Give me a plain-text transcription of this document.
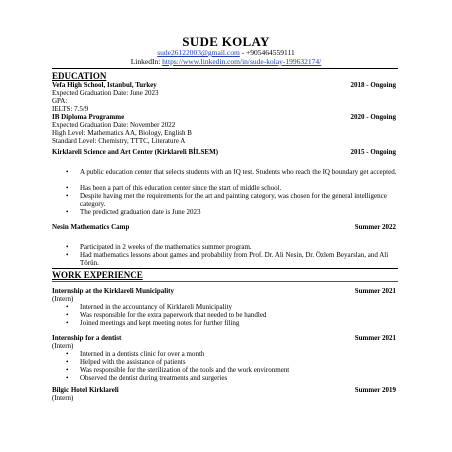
SUDE KOLAY
sude26122003@gmail.com - +905464559111
LinkedIn: https://www.linkedin.com/in/sude-kolay-199632174/
EDUCATION
Vefa High School, Istanbul, Turkey	2018 - Ongoing
Expected Graduation Date: June 2023
GPA:
IELTS: 7.5/9
IB Diploma Programme	2020 - Ongoing
Expected Graduation Date: November 2022
High Level: Mathematics AA, Biology, English B
Standard Level: Chemistry, TTTC, Literature A
Kirklareli Science and Art Center (Kirklareli BİLSEM)	2015 - Ongoing
• A public education center that selects students with an IQ test. Students who reach the IQ boundary get accepted.
• Has been a part of this education center since the start of middle school.
• Despite having met the requirements for the art and painting category, was chosen for the general intelligence category.
• The predicted graduation date is June 2023
Nesin Mathematics Camp	Summer 2022
• Participated in 2 weeks of the mathematics summer program.
• Had mathematics lessons about games and probability from Prof. Dr. Ali Nesin, Dr. Özlem Beyarslan, and Ali Törün.
WORK EXPERIENCE
Internship at the Kirklareli Municipality	Summer 2021
(Intern)
• Interned in the accountancy of Kirklareli Municipality
• Was responsible for the extra paperwork that needed to be handled
• Joined meetings and kept meeting notes for further filing
Internship for a dentist	Summer 2021
(Intern)
• Interned in a dentists clinic for over a month
• Helped with the assistance of patients
• Was responsible for the sterilization of the tools and the work environment
• Observed the dentist during treatments and surgeries
Bilgic Hotel Kirklareli	Summer 2019
(Intern)
